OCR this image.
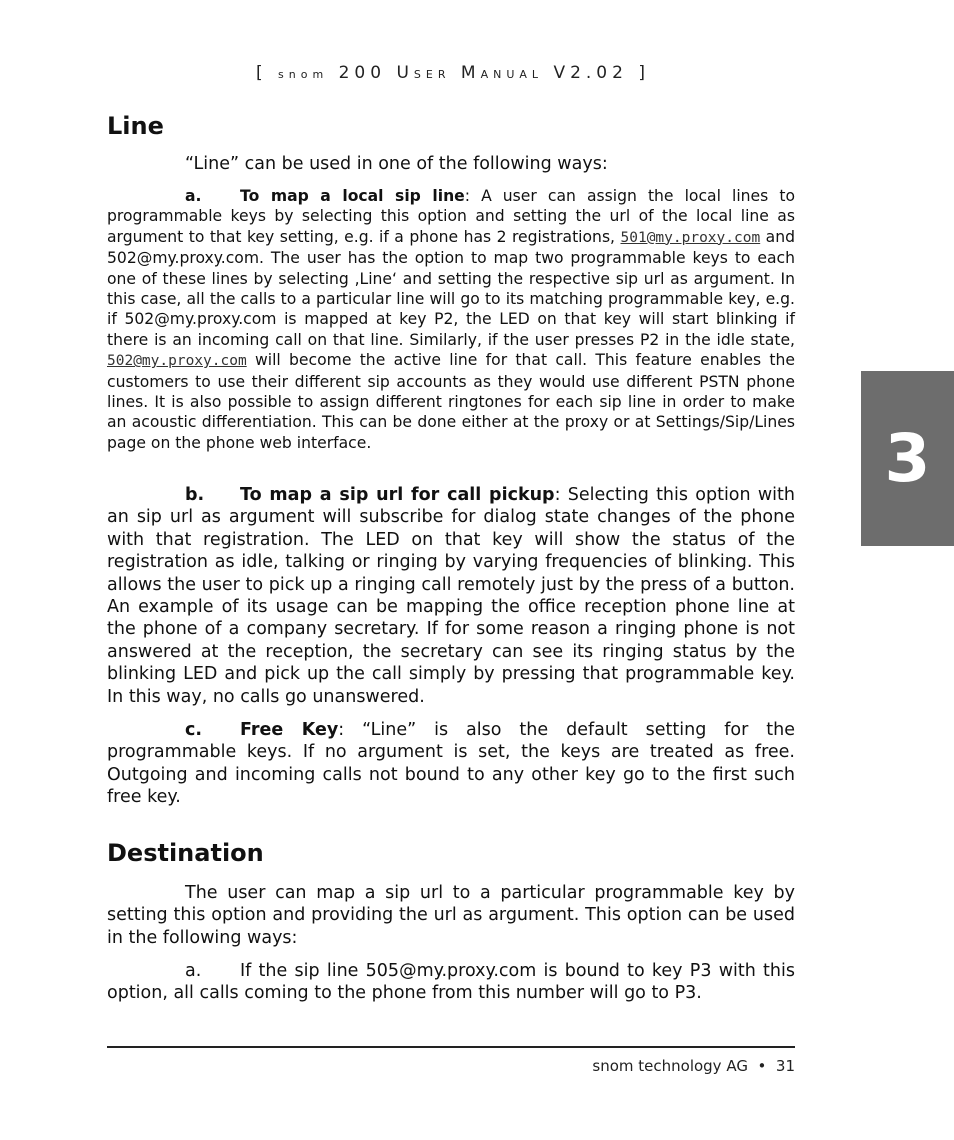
[ snom 200 USER MANUAL V2.02 ]
3
Line

“Line” can be used in one of the following ways:

a. To map a local sip line: A user can assign the local lines to programmable keys by selecting this option and setting the url of the local line as argument to that key setting, e.g. if a phone has 2 registrations, 501@my.proxy.com and 502@my.proxy.com. The user has the option to map two programmable keys to each one of these lines by selecting ‚Line‘ and setting the respective sip url as argument. In this case, all the calls to a particular line will go to its matching programmable key, e.g. if 502@my.proxy.com is mapped at key P2, the LED on that key will start blinking if there is an incoming call on that line. Similarly, if the user presses P2 in the idle state, 502@my.proxy.com will become the active line for that call. This feature enables the customers to use their different sip accounts as they would use different PSTN phone lines. It is also possible to assign different ringtones for each sip line in order to make an acoustic differentiation. This can be done either at the proxy or at Settings/Sip/Lines page on the phone web interface.

b. To map a sip url for call pickup: Selecting this option with an sip url as argument will subscribe for dialog state changes of the phone with that registration. The LED on that key will show the status of the registration as idle, talking or ringing by varying frequencies of blinking. This allows the user to pick up a ringing call remotely just by the press of a button. An example of its usage can be mapping the office reception phone line at the phone of a company secretary. If for some reason a ringing phone is not answered at the reception, the secretary can see its ringing status by the blinking LED and pick up the call simply by pressing that programmable key. In this way, no calls go unanswered.

c. Free Key: “Line” is also the default setting for the programmable keys. If no argument is set, the keys are treated as free. Outgoing and incoming calls not bound to any other key go to the first such free key.

Destination

The user can map a sip url to a particular programmable key by setting this option and providing the url as argument. This option can be used in the following ways:

a. If the sip line 505@my.proxy.com is bound to key P3 with this option, all calls coming to the phone from this number will go to P3.

snom technology AG • 31
